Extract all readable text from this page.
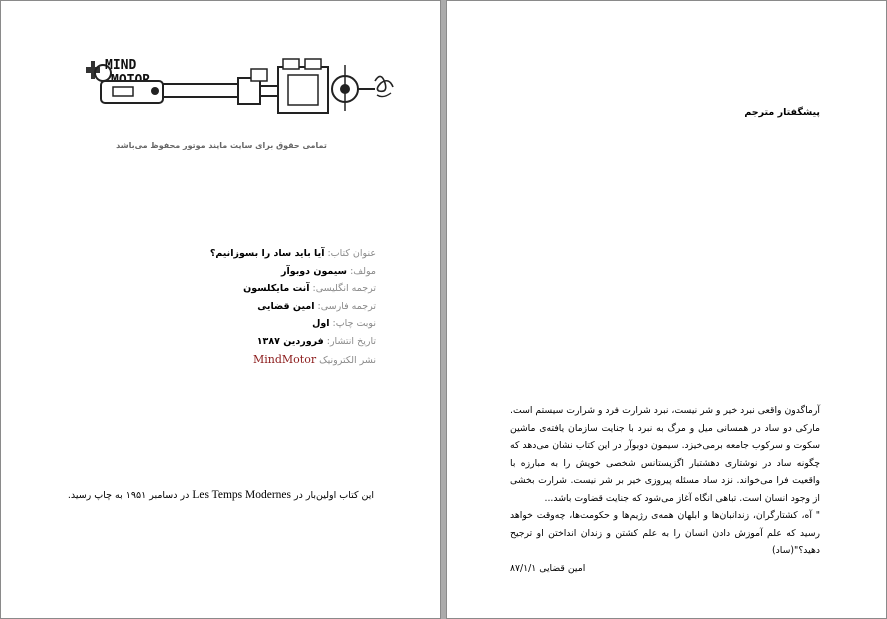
MIND
تمامی حقوق برای سایت مایند موتور محفوظ می‌باشد
عنوان کتاب: آیا باید ساد را بسوزانیم؟
مولف: سیمون دوبوآر
ترجمه انگلیسی: آنت مایکلسون
ترجمه فارسی: امین قضایی
نوبت چاپ: اول
تاریخ انتشار: فروردین ۱۳۸۷
نشر الکترونیک MindMotor
این کتاب اولین‌بار در Les Temps Modernes در دسامبر ۱۹۵۱ به چاپ رسید.
پیشگفتار مترجم

آرماگدون واقعی نبرد خیر و شر نیست، نبرد شرارت فرد و شرارت سیستم است. مارکی دو ساد در همسانی میل و مرگ به نبرد با جنایت سازمان یافته‌ی ماشین سکوت و سرکوب جامعه برمی‌خیزد. سیمون دوبوآر در این کتاب نشان می‌دهد که چگونه ساد در نوشتاری دهشتبار اگزیستانس شخصی خویش را به مبارزه با واقعیت فرا می‌خواند. نزد ساد مسئله پیروزی خیر بر شر نیست. شرارت بخشی از وجود انسان است. تباهی انگاه آغاز می‌شود که جنایت قضاوت باشد...

" آه، کشتارگران، زندانبان‌ها و ابلهان همه‌ی رژیم‌ها و حکومت‌ها، چه‌وقت خواهد رسید که علم آموزش دادن انسان را به علم کشتن و زندان انداختن او ترجیح دهید؟"(ساد)

امین قضایی ۸۷/۱/۱
